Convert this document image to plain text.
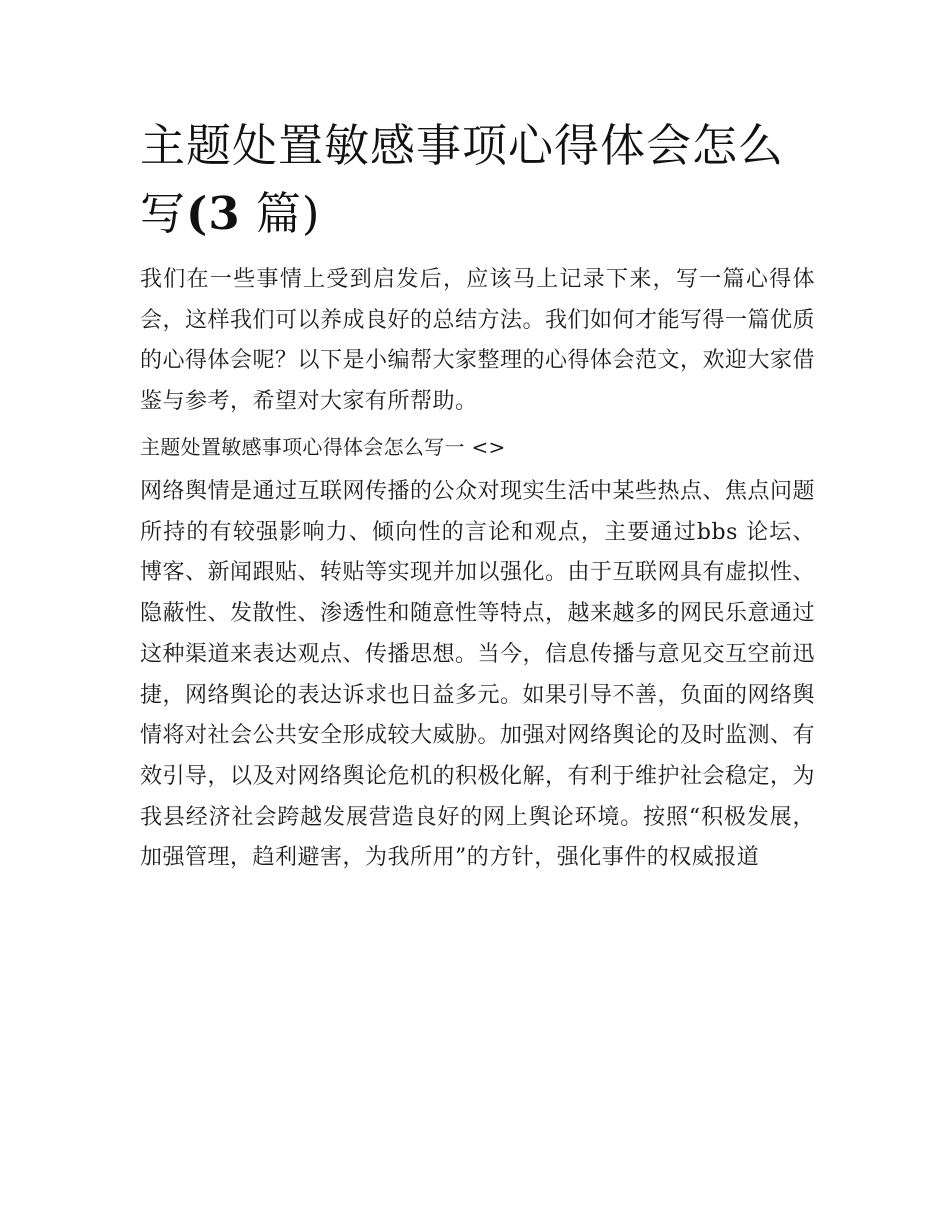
主题处置敏感事项心得体会怎么写(3 篇)

我们在一些事情上受到启发后，应该马上记录下来，写一篇心得体会，这样我们可以养成良好的总结方法。我们如何才能写得一篇优质的心得体会呢？以下是小编帮大家整理的心得体会范文，欢迎大家借鉴与参考，希望对大家有所帮助。

主题处置敏感事项心得体会怎么写一 <>

网络舆情是通过互联网传播的公众对现实生活中某些热点、焦点问题所持的有较强影响力、倾向性的言论和观点，主要通过bbs 论坛、博客、新闻跟贴、转贴等实现并加以强化。由于互联网具有虚拟性、隐蔽性、发散性、渗透性和随意性等特点，越来越多的网民乐意通过这种渠道来表达观点、传播思想。当今，信息传播与意见交互空前迅捷，网络舆论的表达诉求也日益多元。如果引导不善，负面的网络舆情将对社会公共安全形成较大威胁。加强对网络舆论的及时监测、有效引导，以及对网络舆论危机的积极化解，有利于维护社会稳定，为我县经济社会跨越发展营造良好的网上舆论环境。按照“积极发展，加强管理，趋利避害，为我所用”的方针，强化事件的权威报道
